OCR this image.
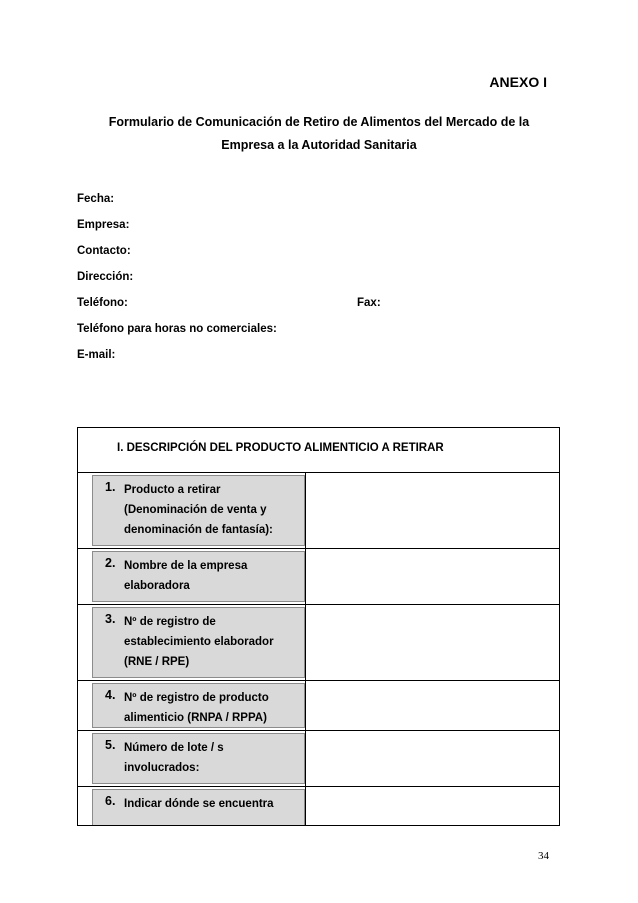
ANEXO I
Formulario de Comunicación de Retiro de Alimentos del Mercado de la
Empresa a la Autoridad Sanitaria
Fecha:
Empresa:
Contacto:
Dirección:
Teléfono:	Fax:
Teléfono para horas no comerciales:
E-mail:
I. DESCRIPCIÓN DEL PRODUCTO ALIMENTICIO A RETIRAR
1. Producto a retirar (Denominación de venta y denominación de fantasía):
2. Nombre de la empresa elaboradora
3. Nº de registro de establecimiento elaborador (RNE / RPE)
4. Nº de registro de producto alimenticio (RNPA / RPPA)
5. Número de lote / s involucrados:
6. Indicar dónde se encuentra
34
